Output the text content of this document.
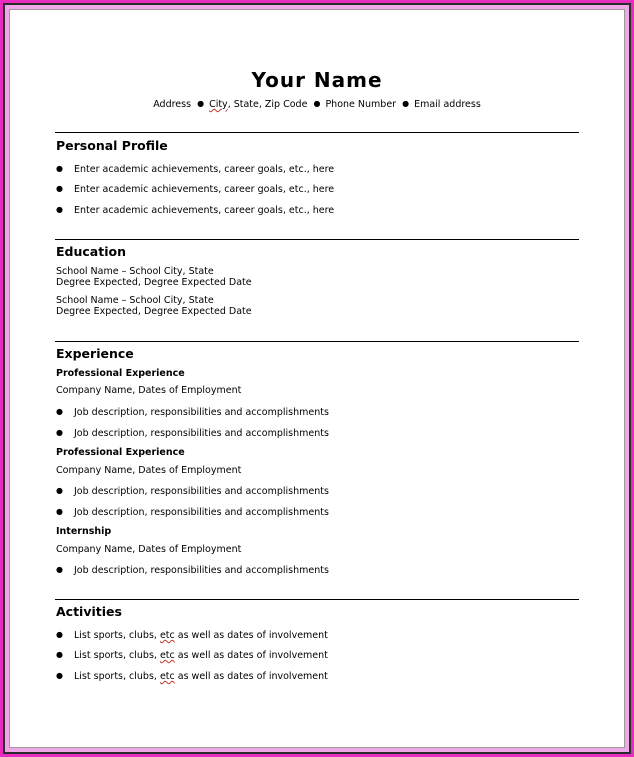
Your Name
Address ● City, State, Zip Code ● Phone Number ● Email address
Personal Profile
● Enter academic achievements, career goals, etc., here
● Enter academic achievements, career goals, etc., here
● Enter academic achievements, career goals, etc., here
Education
School Name – School City, State
Degree Expected, Degree Expected Date
School Name – School City, State
Degree Expected, Degree Expected Date
Experience
Professional Experience
Company Name, Dates of Employment
● Job description, responsibilities and accomplishments
● Job description, responsibilities and accomplishments
Professional Experience
Company Name, Dates of Employment
● Job description, responsibilities and accomplishments
● Job description, responsibilities and accomplishments
Internship
Company Name, Dates of Employment
● Job description, responsibilities and accomplishments
Activities
● List sports, clubs, etc as well as dates of involvement
● List sports, clubs, etc as well as dates of involvement
● List sports, clubs, etc as well as dates of involvement
